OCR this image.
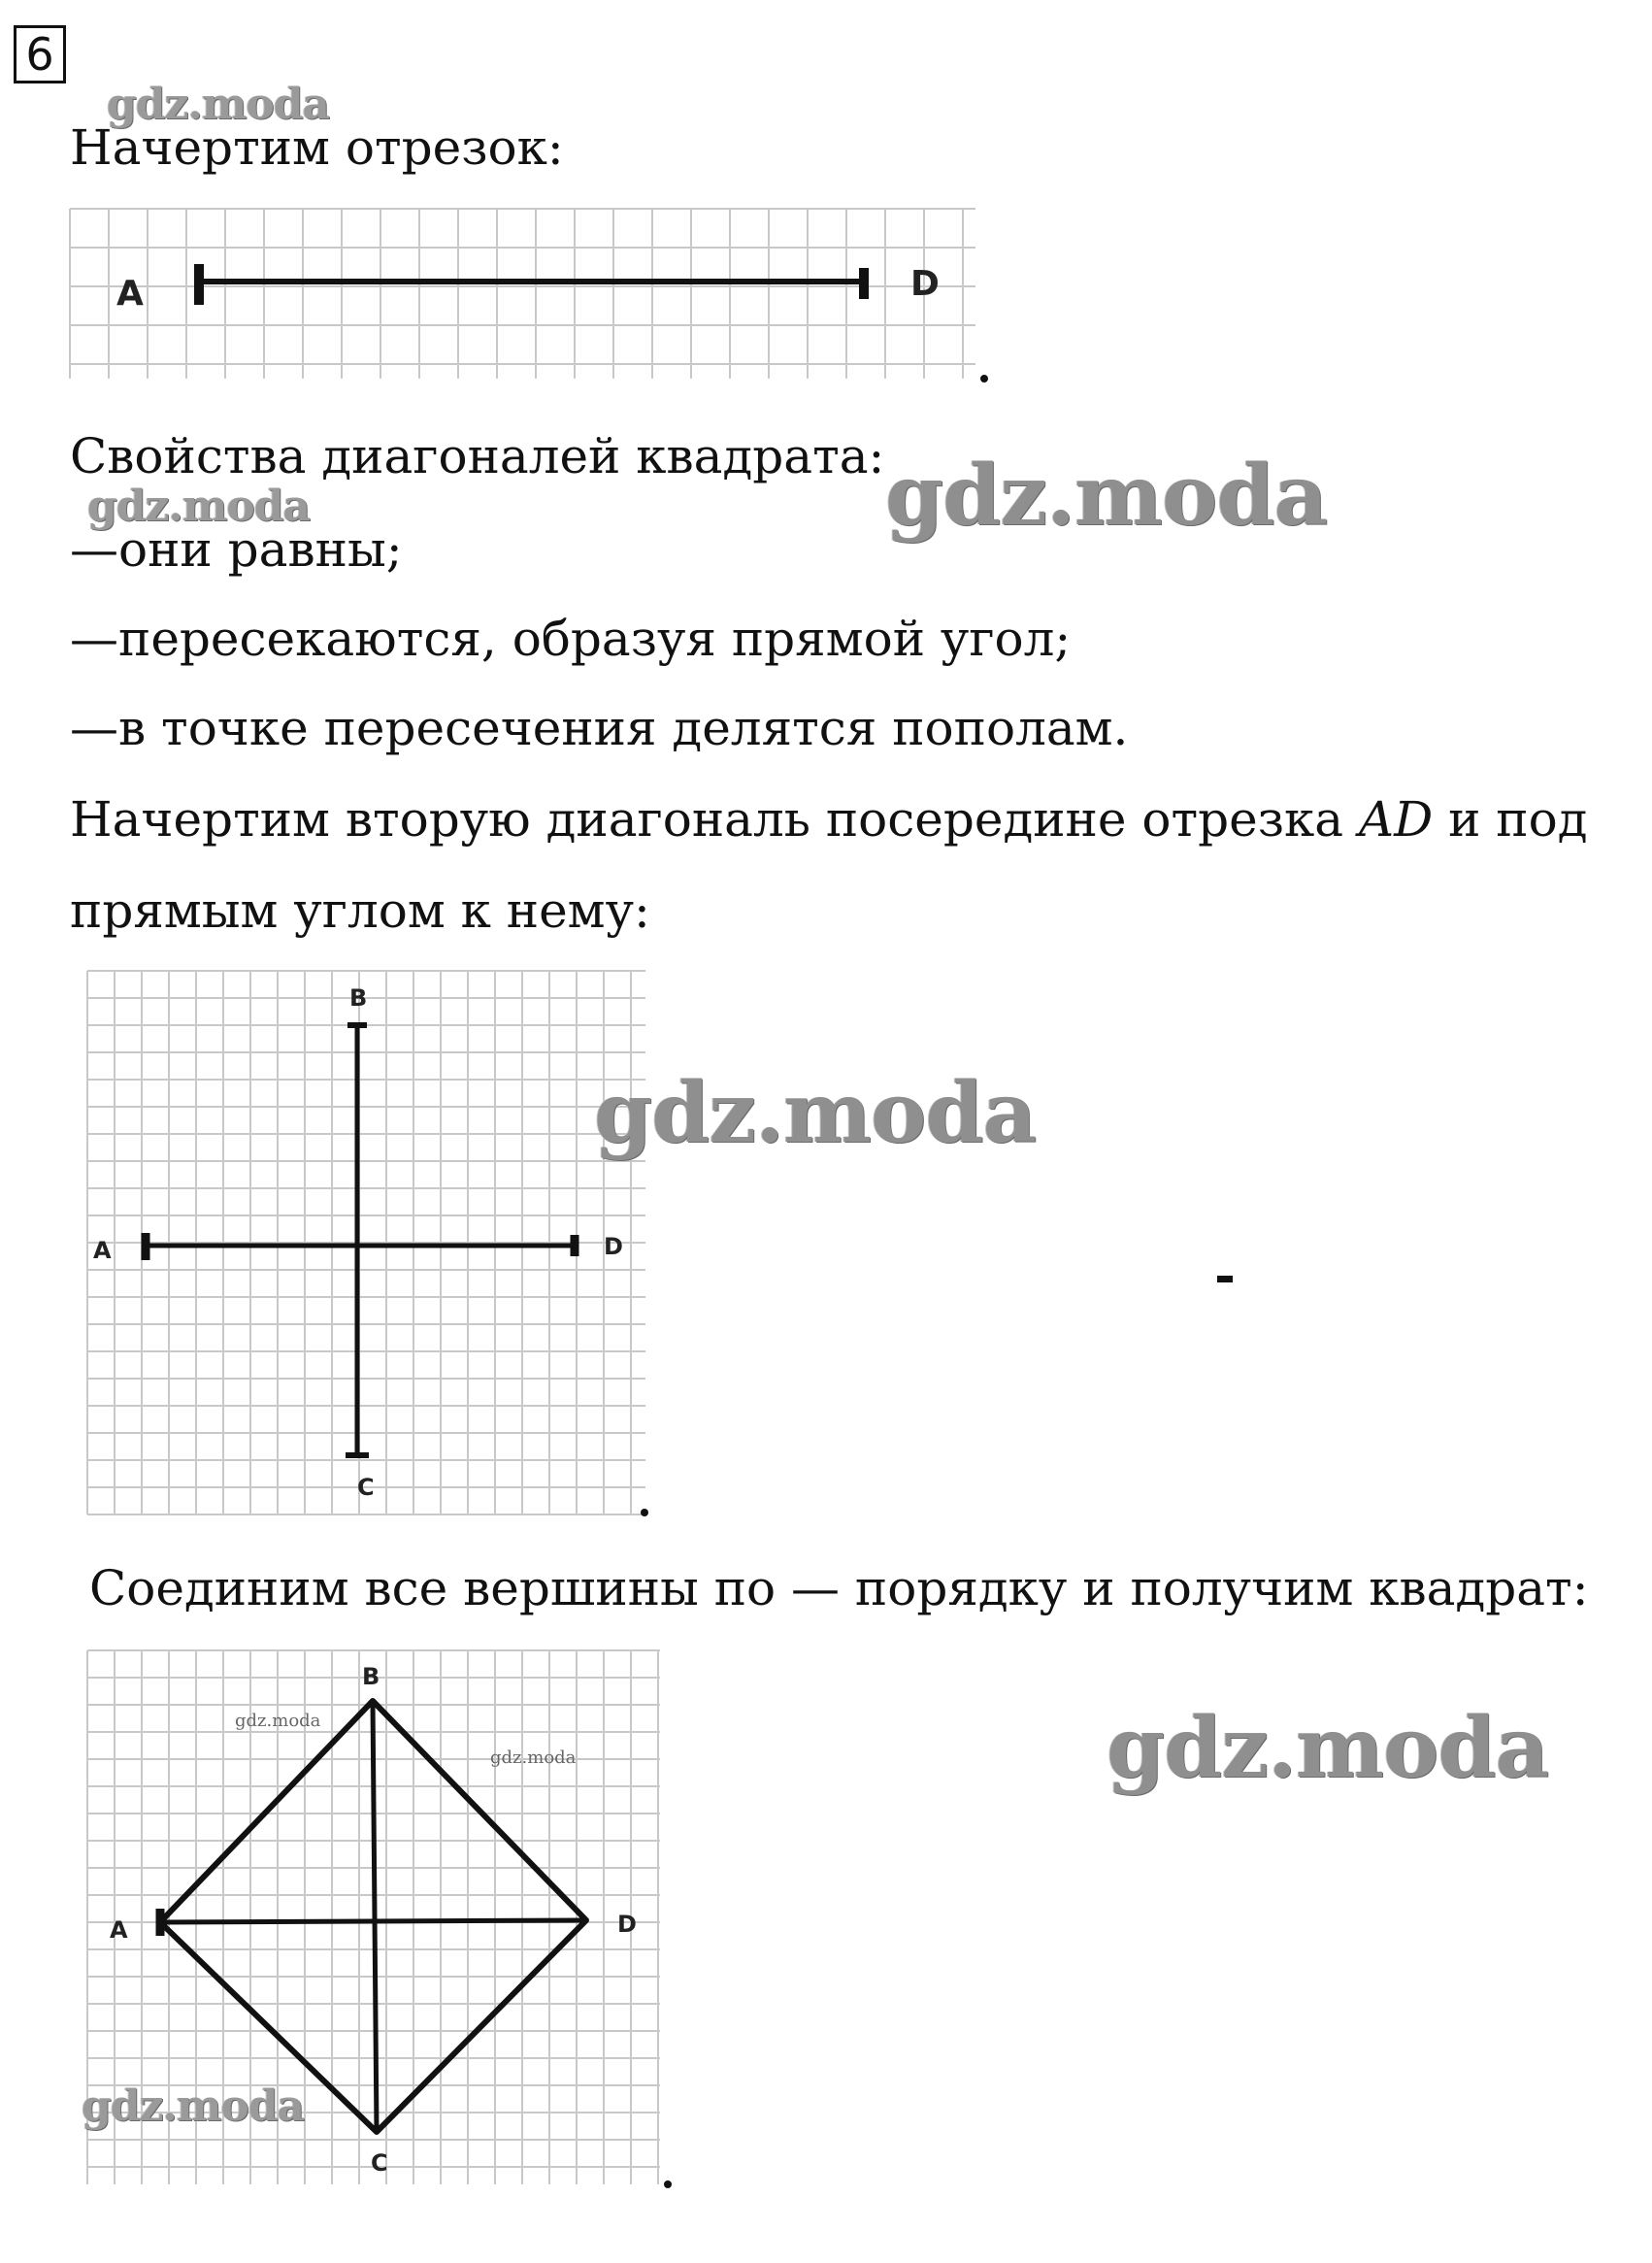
6
gdz.moda

Начертим отрезок:

A	D

Свойства диагоналей квадрата: gdz.moda
gdz.moda

—они равны;

—пересекаются, образуя прямой угол;

—в точке пересечения делятся пополам.

Начертим вторую диагональ посередине отрезка AD и под

прямым углом к нему:

B
A	D
C
gdz.moda

Соединим все вершины по — порядку и получим квадрат:

B
A	D
C
gdz.moda
gdz.moda	gdz.moda
gdz.moda
